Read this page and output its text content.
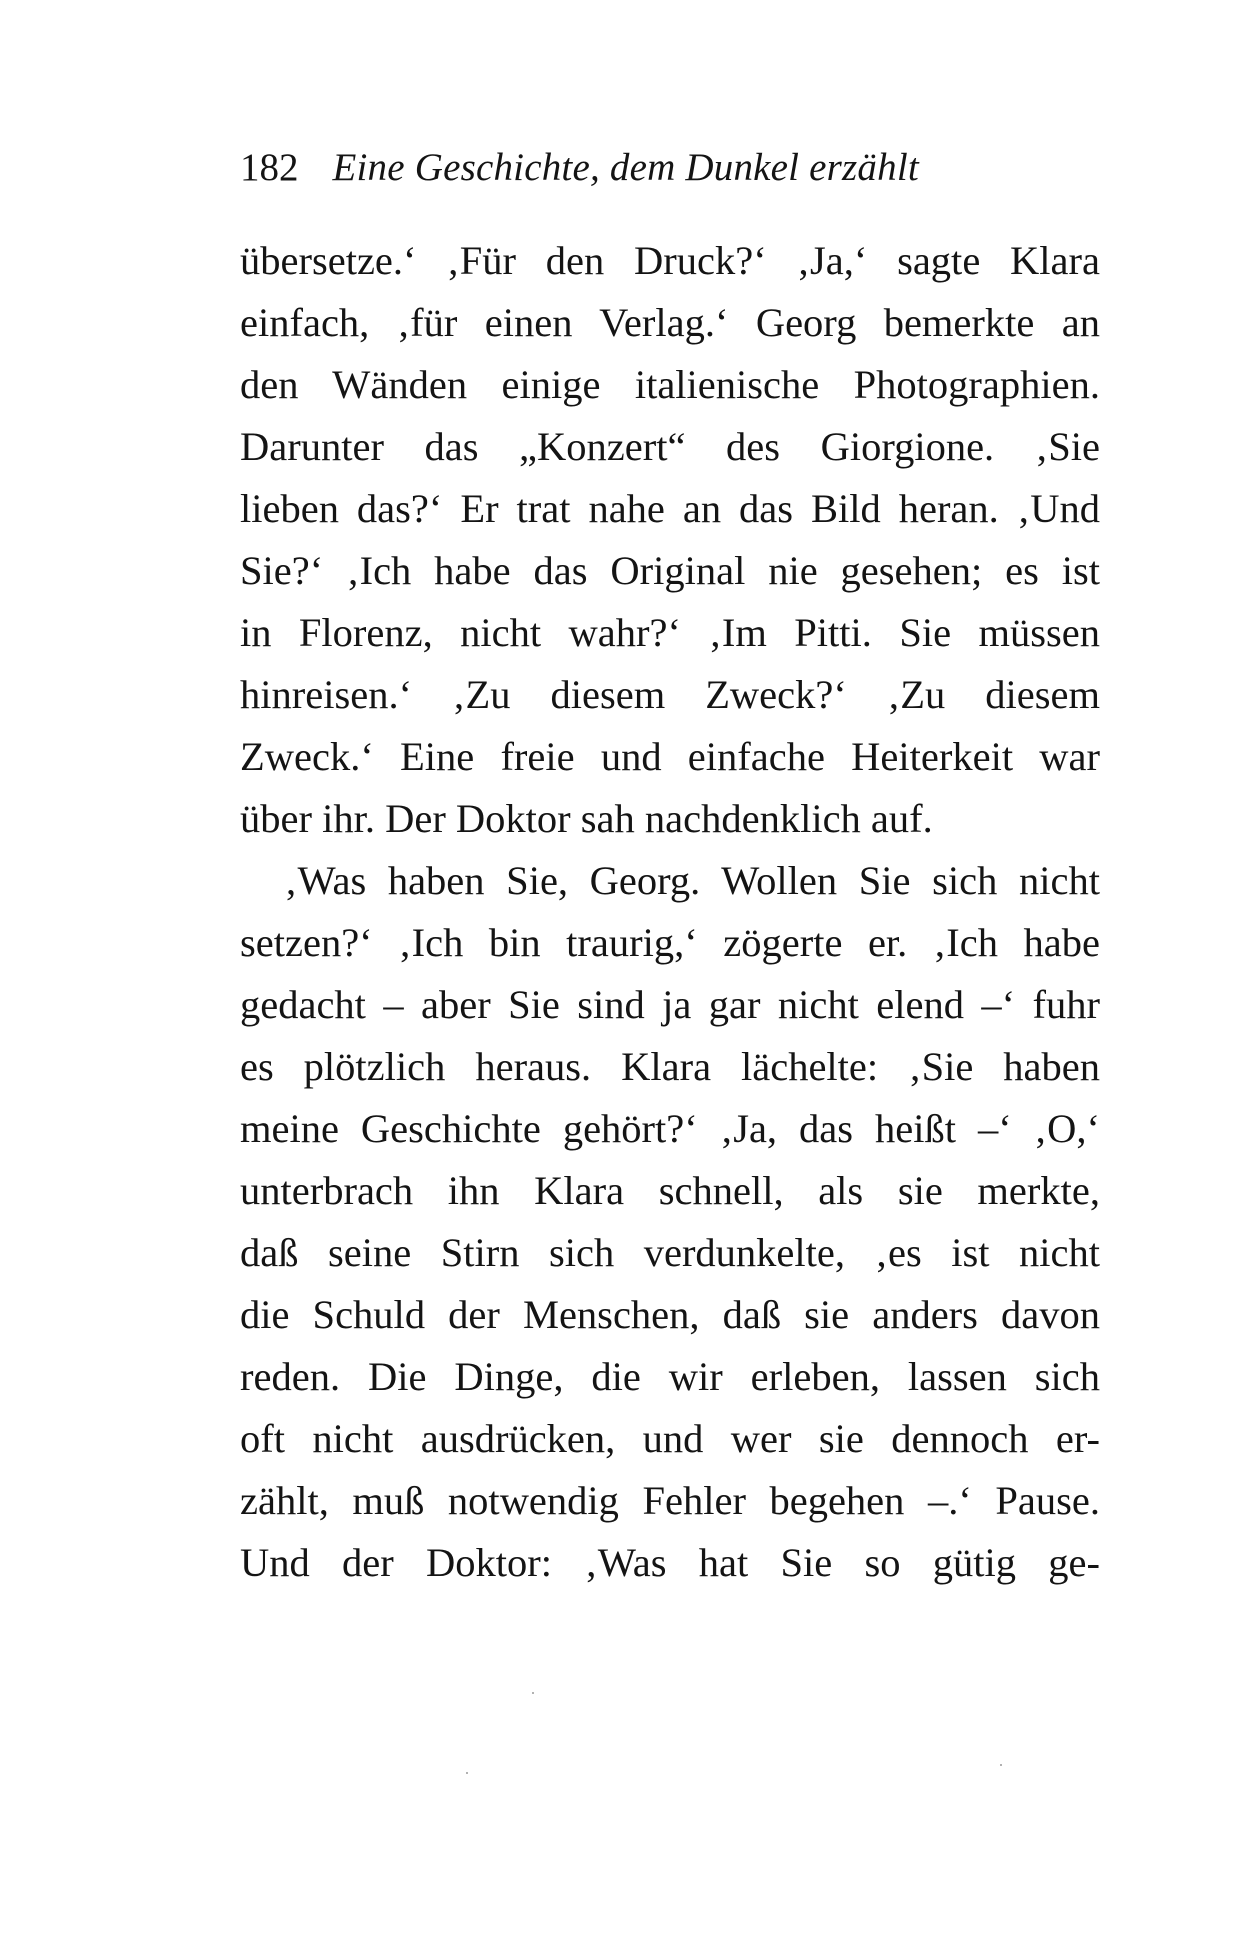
182 Eine Geschichte, dem Dunkel erzählt
übersetze.‘ ‚Für den Druck?‘ ‚Ja,‘ sagte Klara
einfach, ‚für einen Verlag.‘ Georg bemerkte an
den Wänden einige italienische Photographien.
Darunter das „Konzert“ des Giorgione. ‚Sie
lieben das?‘ Er trat nahe an das Bild heran. ‚Und
Sie?‘ ‚Ich habe das Original nie gesehen; es ist
in Florenz, nicht wahr?‘ ‚Im Pitti. Sie müssen
hinreisen.‘ ‚Zu diesem Zweck?‘ ‚Zu diesem
Zweck.‘ Eine freie und einfache Heiterkeit war
über ihr. Der Doktor sah nachdenklich auf.
‚Was haben Sie, Georg. Wollen Sie sich nicht
setzen?‘ ‚Ich bin traurig,‘ zögerte er. ‚Ich habe
gedacht – aber Sie sind ja gar nicht elend –‘ fuhr
es plötzlich heraus. Klara lächelte: ‚Sie haben
meine Geschichte gehört?‘ ‚Ja, das heißt –‘ ‚O,‘
unterbrach ihn Klara schnell, als sie merkte,
daß seine Stirn sich verdunkelte, ‚es ist nicht
die Schuld der Menschen, daß sie anders davon
reden. Die Dinge, die wir erleben, lassen sich
oft nicht ausdrücken, und wer sie dennoch er-
zählt, muß notwendig Fehler begehen –.‘ Pause.
Und der Doktor: ‚Was hat Sie so gütig ge-
